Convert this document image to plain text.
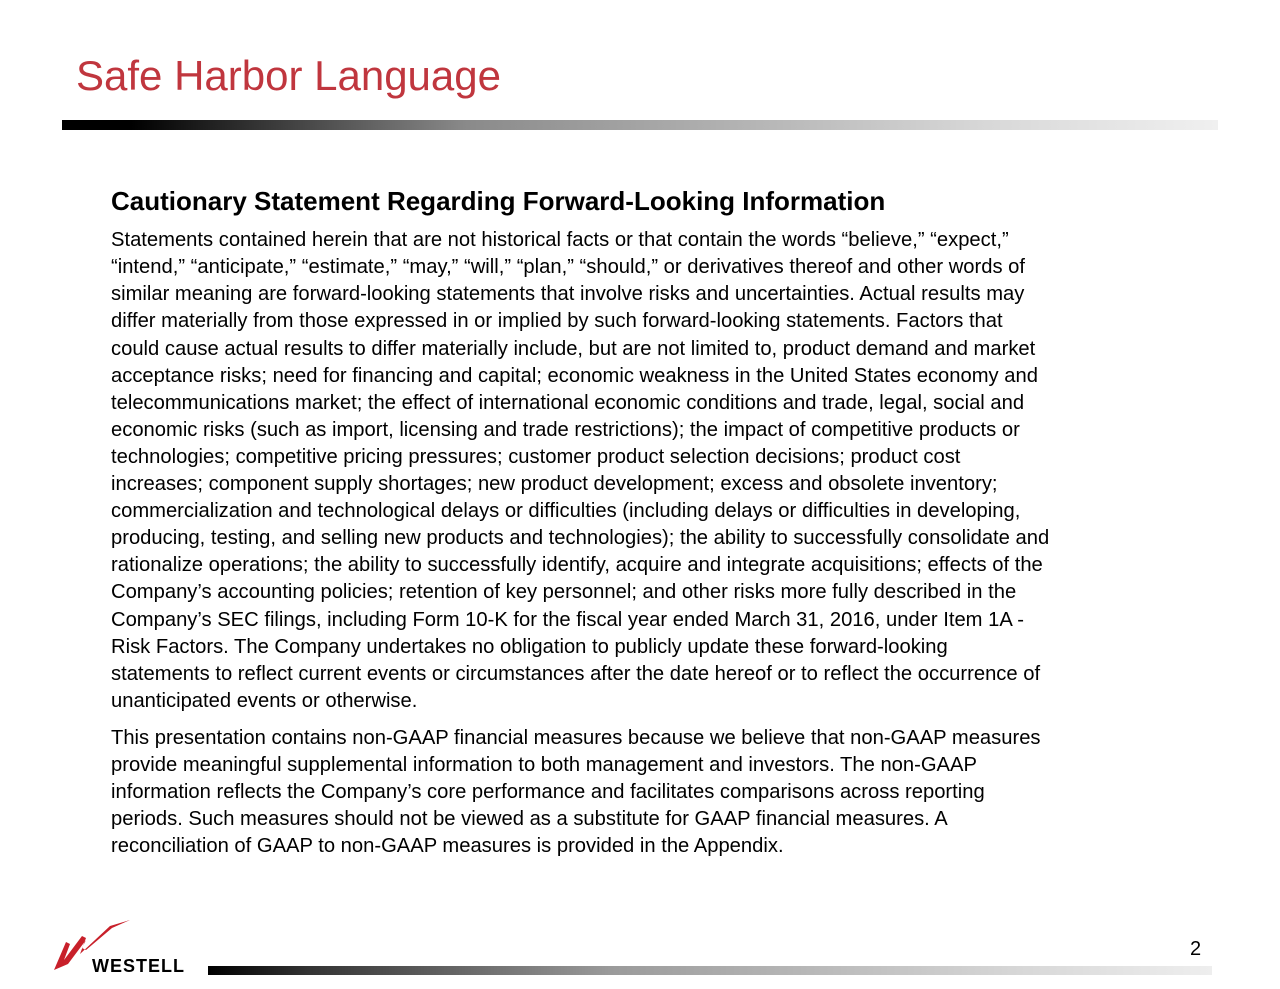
Safe Harbor Language
Cautionary Statement Regarding Forward-Looking Information
Statements contained herein that are not historical facts or that contain the words “believe,” “expect,”
“intend,” “anticipate,” “estimate,” “may,” “will,” “plan,” “should,” or derivatives thereof and other words of
similar meaning are forward-looking statements that involve risks and uncertainties. Actual results may
differ materially from those expressed in or implied by such forward-looking statements. Factors that
could cause actual results to differ materially include, but are not limited to, product demand and market
acceptance risks; need for financing and capital; economic weakness in the United States economy and
telecommunications market; the effect of international economic conditions and trade, legal, social and
economic risks (such as import, licensing and trade restrictions); the impact of competitive products or
technologies; competitive pricing pressures; customer product selection decisions; product cost
increases; component supply shortages; new product development; excess and obsolete inventory;
commercialization and technological delays or difficulties (including delays or difficulties in developing,
producing, testing, and selling new products and technologies); the ability to successfully consolidate and
rationalize operations; the ability to successfully identify, acquire and integrate acquisitions; effects of the
Company’s accounting policies; retention of key personnel; and other risks more fully described in the
Company’s SEC filings, including Form 10-K for the fiscal year ended March 31, 2016, under Item 1A -
Risk Factors. The Company undertakes no obligation to publicly update these forward-looking
statements to reflect current events or circumstances after the date hereof or to reflect the occurrence of
unanticipated events or otherwise.
This presentation contains non-GAAP financial measures because we believe that non-GAAP measures
provide meaningful supplemental information to both management and investors. The non-GAAP
information reflects the Company’s core performance and facilitates comparisons across reporting
periods. Such measures should not be viewed as a substitute for GAAP financial measures. A
reconciliation of GAAP to non-GAAP measures is provided in the Appendix.
WESTELL
2
